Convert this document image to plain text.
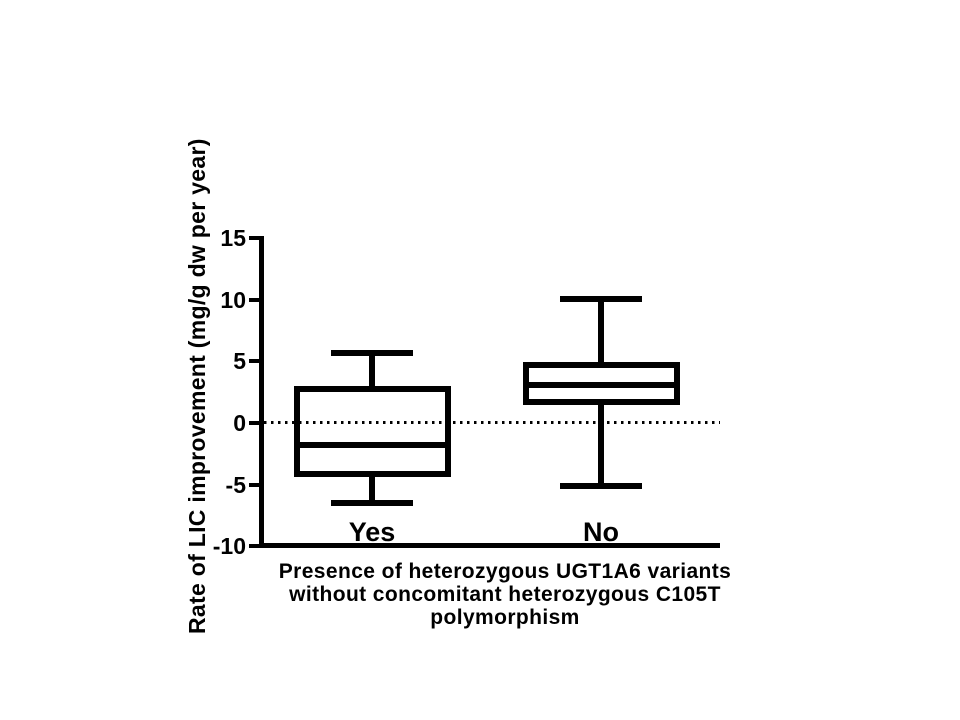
Rate of LIC improvement (mg/g dw per year) 15
10
5
0
-5
-10	Yes	No
Presence of heterozygous UGT1A6 variants
without concomitant heterozygous C105T
polymorphism
